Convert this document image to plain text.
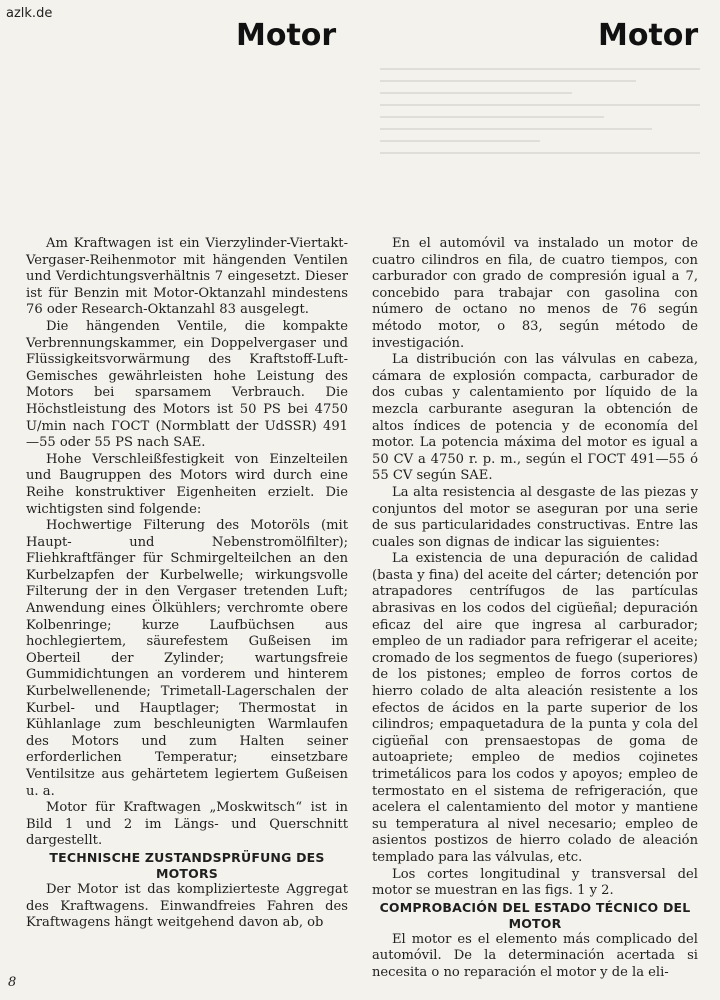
azlk.de
Motor	Motor

Am Kraftwagen ist ein Vierzylinder-Viertakt-Vergaser-Reihenmotor mit hängenden Ventilen und Verdichtungsverhältnis 7 eingesetzt. Dieser ist für Benzin mit Motor-Oktanzahl mindestens 76 oder Research-Oktanzahl 83 ausgelegt.

Die hängenden Ventile, die kompakte Verbrennungskammer, ein Doppelvergaser und Flüssigkeitsvorwärmung des Kraftstoff-Luft-Gemisches gewährleisten hohe Leistung des Motors bei sparsamem Verbrauch. Die Höchstleistung des Motors ist 50 PS bei 4750 U/min nach ГОСТ (Normblatt der UdSSR) 491—55 oder 55 PS nach SAE.

Hohe Verschleißfestigkeit von Einzelteilen und Baugruppen des Motors wird durch eine Reihe konstruktiver Eigenheiten erzielt. Die wichtigsten sind folgende:

Hochwertige Filterung des Motoröls (mit Haupt- und Nebenstromölfilter); Fliehkraftfänger für Schmirgelteilchen an den Kurbelzapfen der Kurbelwelle; wirkungsvolle Filterung der in den Vergaser tretenden Luft; Anwendung eines Ölkühlers; verchromte obere Kolbenringe; kurze Laufbüchsen aus hochlegiertem, säurefestem Gußeisen im Oberteil der Zylinder; wartungsfreie Gummidichtungen an vorderem und hinterem Kurbelwellenende; Trimetall-Lagerschalen der Kurbel- und Hauptlager; Thermostat in Kühlanlage zum beschleunigten Warmlaufen des Motors und zum Halten seiner erforderlichen Temperatur; einsetzbare Ventilsitze aus gehärtetem legiertem Gußeisen u. a.

Motor für Kraftwagen „Moskwitsch“ ist in Bild 1 und 2 im Längs- und Querschnitt dargestellt.

TECHNISCHE ZUSTANDSPRÜFUNG DES MOTORS

Der Motor ist das komplizierteste Aggregat des Kraftwagens. Einwandfreies Fahren des Kraftwagens hängt weitgehend davon ab, ob

En el automóvil va instalado un motor de cuatro cilindros en fila, de cuatro tiempos, con carburador con grado de compresión igual a 7, concebido para trabajar con gasolina con número de octano no menos de 76 según método motor, o 83, según método de investigación.

La distribución con las válvulas en cabeza, cámara de explosión compacta, carburador de dos cubas y calentamiento por líquido de la mezcla carburante aseguran la obtención de altos índices de potencia y de economía del motor. La potencia máxima del motor es igual a 50 CV a 4750 r. p. m., según el ГОСТ 491—55 ó 55 CV según SAE.

La alta resistencia al desgaste de las piezas y conjuntos del motor se aseguran por una serie de sus particularidades constructivas. Entre las cuales son dignas de indicar las siguientes:

La existencia de una depuración de calidad (basta y fina) del aceite del cárter; detención por atrapadores centrífugos de las partículas abrasivas en los codos del cigüeñal; depuración eficaz del aire que ingresa al carburador; empleo de un radiador para refrigerar el aceite; cromado de los segmentos de fuego (superiores) de los pistones; empleo de forros cortos de hierro colado de alta aleación resistente a los efectos de ácidos en la parte superior de los cilindros; empaquetadura de la punta y cola del cigüeñal con prensaestopas de goma de autoapriete; empleo de medios cojinetes trimetálicos para los codos y apoyos; empleo de termostato en el sistema de refrigeración, que acelera el calentamiento del motor y mantiene su temperatura al nivel necesario; empleo de asientos postizos de hierro colado de aleación templado para las válvulas, etc.

Los cortes longitudinal y transversal del motor se muestran en las figs. 1 y 2.

COMPROBACIÓN DEL ESTADO TÉCNICO DEL MOTOR

El motor es el elemento más complicado del automóvil. De la determinación acertada si necesita o no reparación el motor y de la eli-

8
